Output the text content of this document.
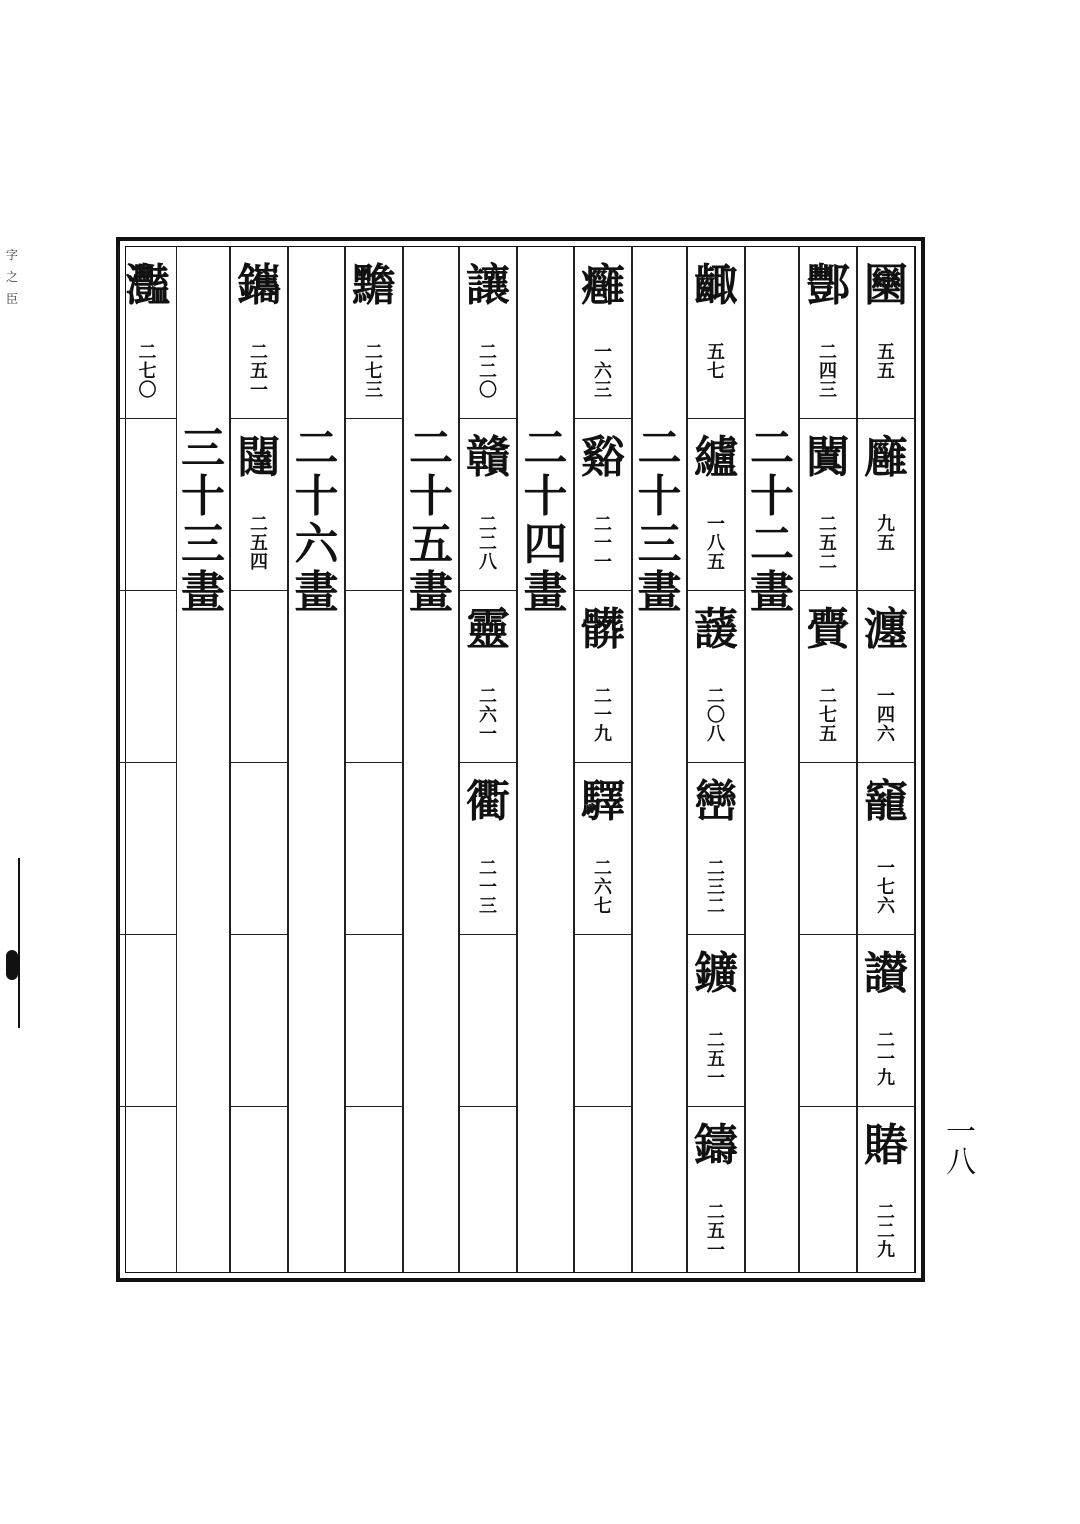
字
之
臣	圞
五
五
廱
九
五
瀍
一
四
六
竉
一
七
六
讃
二
一
九
賰
二
二
九
酆
二
四
三
闐
二
五
二
賷
二
七
五
二
十
二
畫
齱
五
七
纑
一
八
五
蘐
二
〇
八
巒
二
三
二
鑛
二
五
一
鑄
二
五
一
二
十
三
畫
癰
一
六
三
谿
二
一
一
髒
二
一
九
驛
二
六
七
二
十
四
畫
讓
二
二
〇
贛
二
二
八
靈
二
六
一
衢
二
一
三
二
十
五
畫
黵
二
七
三
二
十
六
畫
鑴
二
五
一
闥
二
五
四
三
十
三
畫
灩
二
七
〇
一
八
